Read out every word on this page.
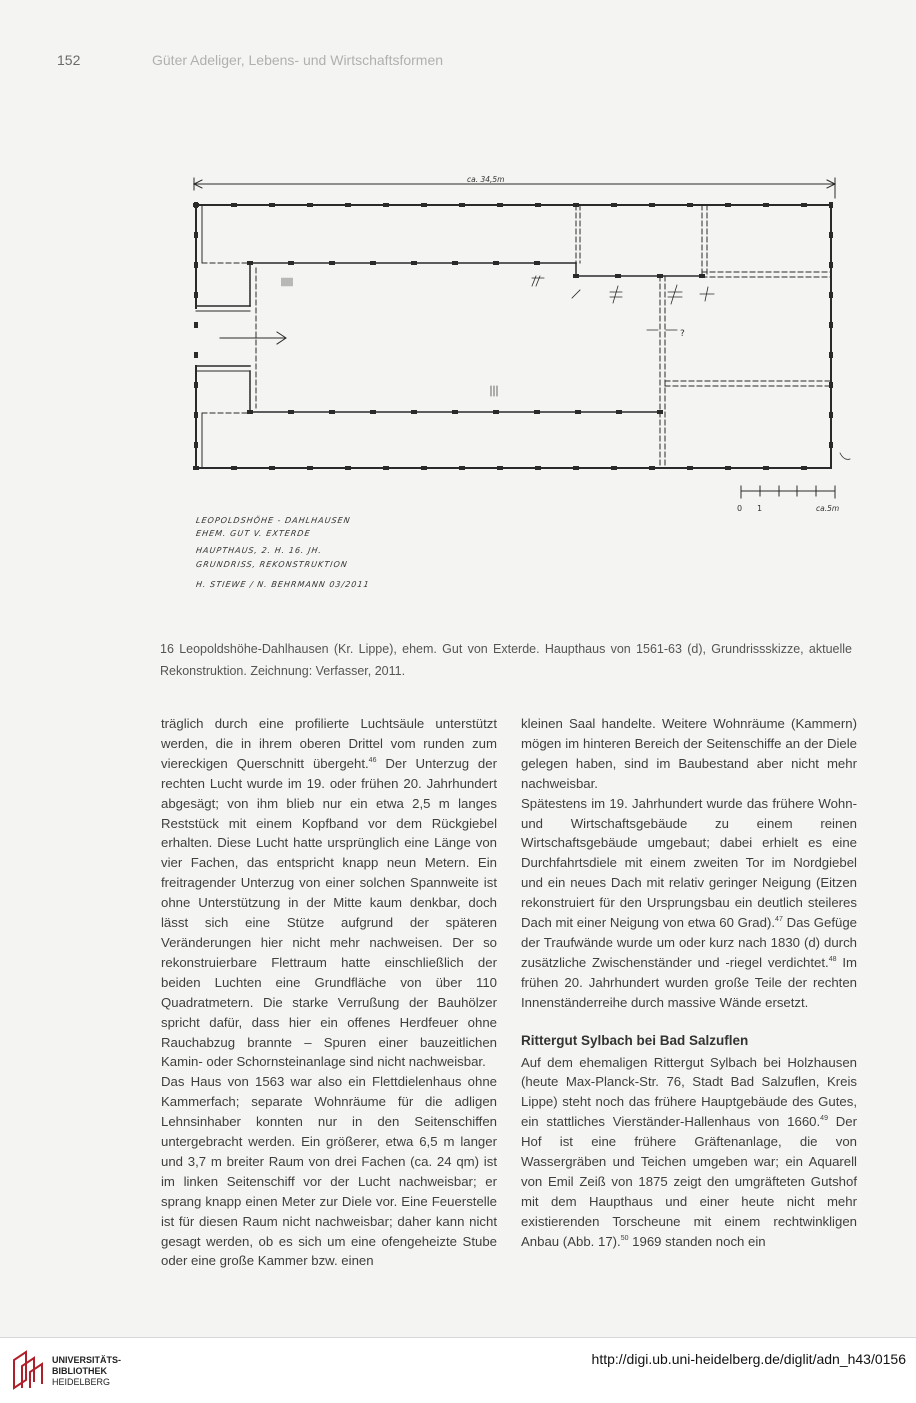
152	Güter Adeliger, Lebens- und Wirtschaftsformen
ca. 34,5m
?
0 1	ca.5m
LEOPOLDSHÖHE - DAHLHAUSEN
EHEM. GUT V. EXTERDE
HAUPTHAUS, 2. H. 16. JH.
GRUNDRISS, REKONSTRUKTION
H. STIEWE / N. BEHRMANN 03/2011
16 Leopoldshöhe-Dahlhausen (Kr. Lippe), ehem. Gut von Exterde. Haupthaus von 1561-63 (d), Grundrissskizze, aktuelle Rekonstruktion. Zeichnung: Verfasser, 2011.

träglich durch eine profilierte Luchtsäule unterstützt werden, die in ihrem oberen Drittel vom runden zum viereckigen Querschnitt übergeht.$^{46}$ Der Unterzug der rechten Lucht wurde im 19. oder frühen 20. Jahrhundert abgesägt; von ihm blieb nur ein etwa 2,5 m langes Reststück mit einem Kopfband vor dem Rückgiebel erhalten. Diese Lucht hatte ursprünglich eine Länge von vier Fachen, das entspricht knapp neun Metern. Ein freitragender Unterzug von einer solchen Spannweite ist ohne Unterstützung in der Mitte kaum denkbar, doch lässt sich eine Stütze aufgrund der späteren Veränderungen hier nicht mehr nachweisen. Der so rekonstruierbare Flettraum hatte einschließlich der beiden Luchten eine Grundfläche von über 110 Quadratmetern. Die starke Verrußung der Bauhölzer spricht dafür, dass hier ein offenes Herdfeuer ohne Rauchabzug brannte – Spuren einer bauzeitlichen Kamin- oder Schornsteinanlage sind nicht nachweisbar.

Das Haus von 1563 war also ein Flettdielenhaus ohne Kammerfach; separate Wohnräume für die adligen Lehnsinhaber konnten nur in den Seitenschiffen untergebracht werden. Ein größerer, etwa 6,5 m langer und 3,7 m breiter Raum von drei Fachen (ca. 24 qm) ist im linken Seitenschiff vor der Lucht nachweisbar; er sprang knapp einen Meter zur Diele vor. Eine Feuerstelle ist für diesen Raum nicht nachweisbar; daher kann nicht gesagt werden, ob es sich um eine ofengeheizte Stube oder eine große Kammer bzw. einen

kleinen Saal handelte. Weitere Wohnräume (Kammern) mögen im hinteren Bereich der Seitenschiffe an der Diele gelegen haben, sind im Baubestand aber nicht mehr nachweisbar.

Spätestens im 19. Jahrhundert wurde das frühere Wohn- und Wirtschaftsgebäude zu einem reinen Wirtschaftsgebäude umgebaut; dabei erhielt es eine Durchfahrtsdiele mit einem zweiten Tor im Nordgiebel und ein neues Dach mit relativ geringer Neigung (Eitzen rekonstruiert für den Ursprungsbau ein deutlich steileres Dach mit einer Neigung von etwa 60 Grad).$^{47}$ Das Gefüge der Traufwände wurde um oder kurz nach 1830 (d) durch zusätzliche Zwischenständer und -riegel verdichtet.$^{48}$ Im frühen 20. Jahrhundert wurden große Teile der rechten Innenständerreihe durch massive Wände ersetzt.

Rittergut Sylbach bei Bad Salzuflen

Auf dem ehemaligen Rittergut Sylbach bei Holzhausen (heute Max-Planck-Str. 76, Stadt Bad Salzuflen, Kreis Lippe) steht noch das frühere Hauptgebäude des Gutes, ein stattliches Vierständer-Hallenhaus von 1660.49 Der Hof ist eine frühere Gräftenanlage, die von Wassergräben und Teichen umgeben war; ein Aquarell von Emil Zeiß von 1875 zeigt den umgräfteten Gutshof mit dem Haupthaus und einer heute nicht mehr existierenden Torscheune mit einem rechtwinkligen Anbau (Abb. 17).$^{50}$ 1969 standen noch ein

UNIVERSITÄTS-
BIBLIOTHEK
HEIDELBERG
http://digi.ub.uni-heidelberg.de/diglit/adn_h43/0156
